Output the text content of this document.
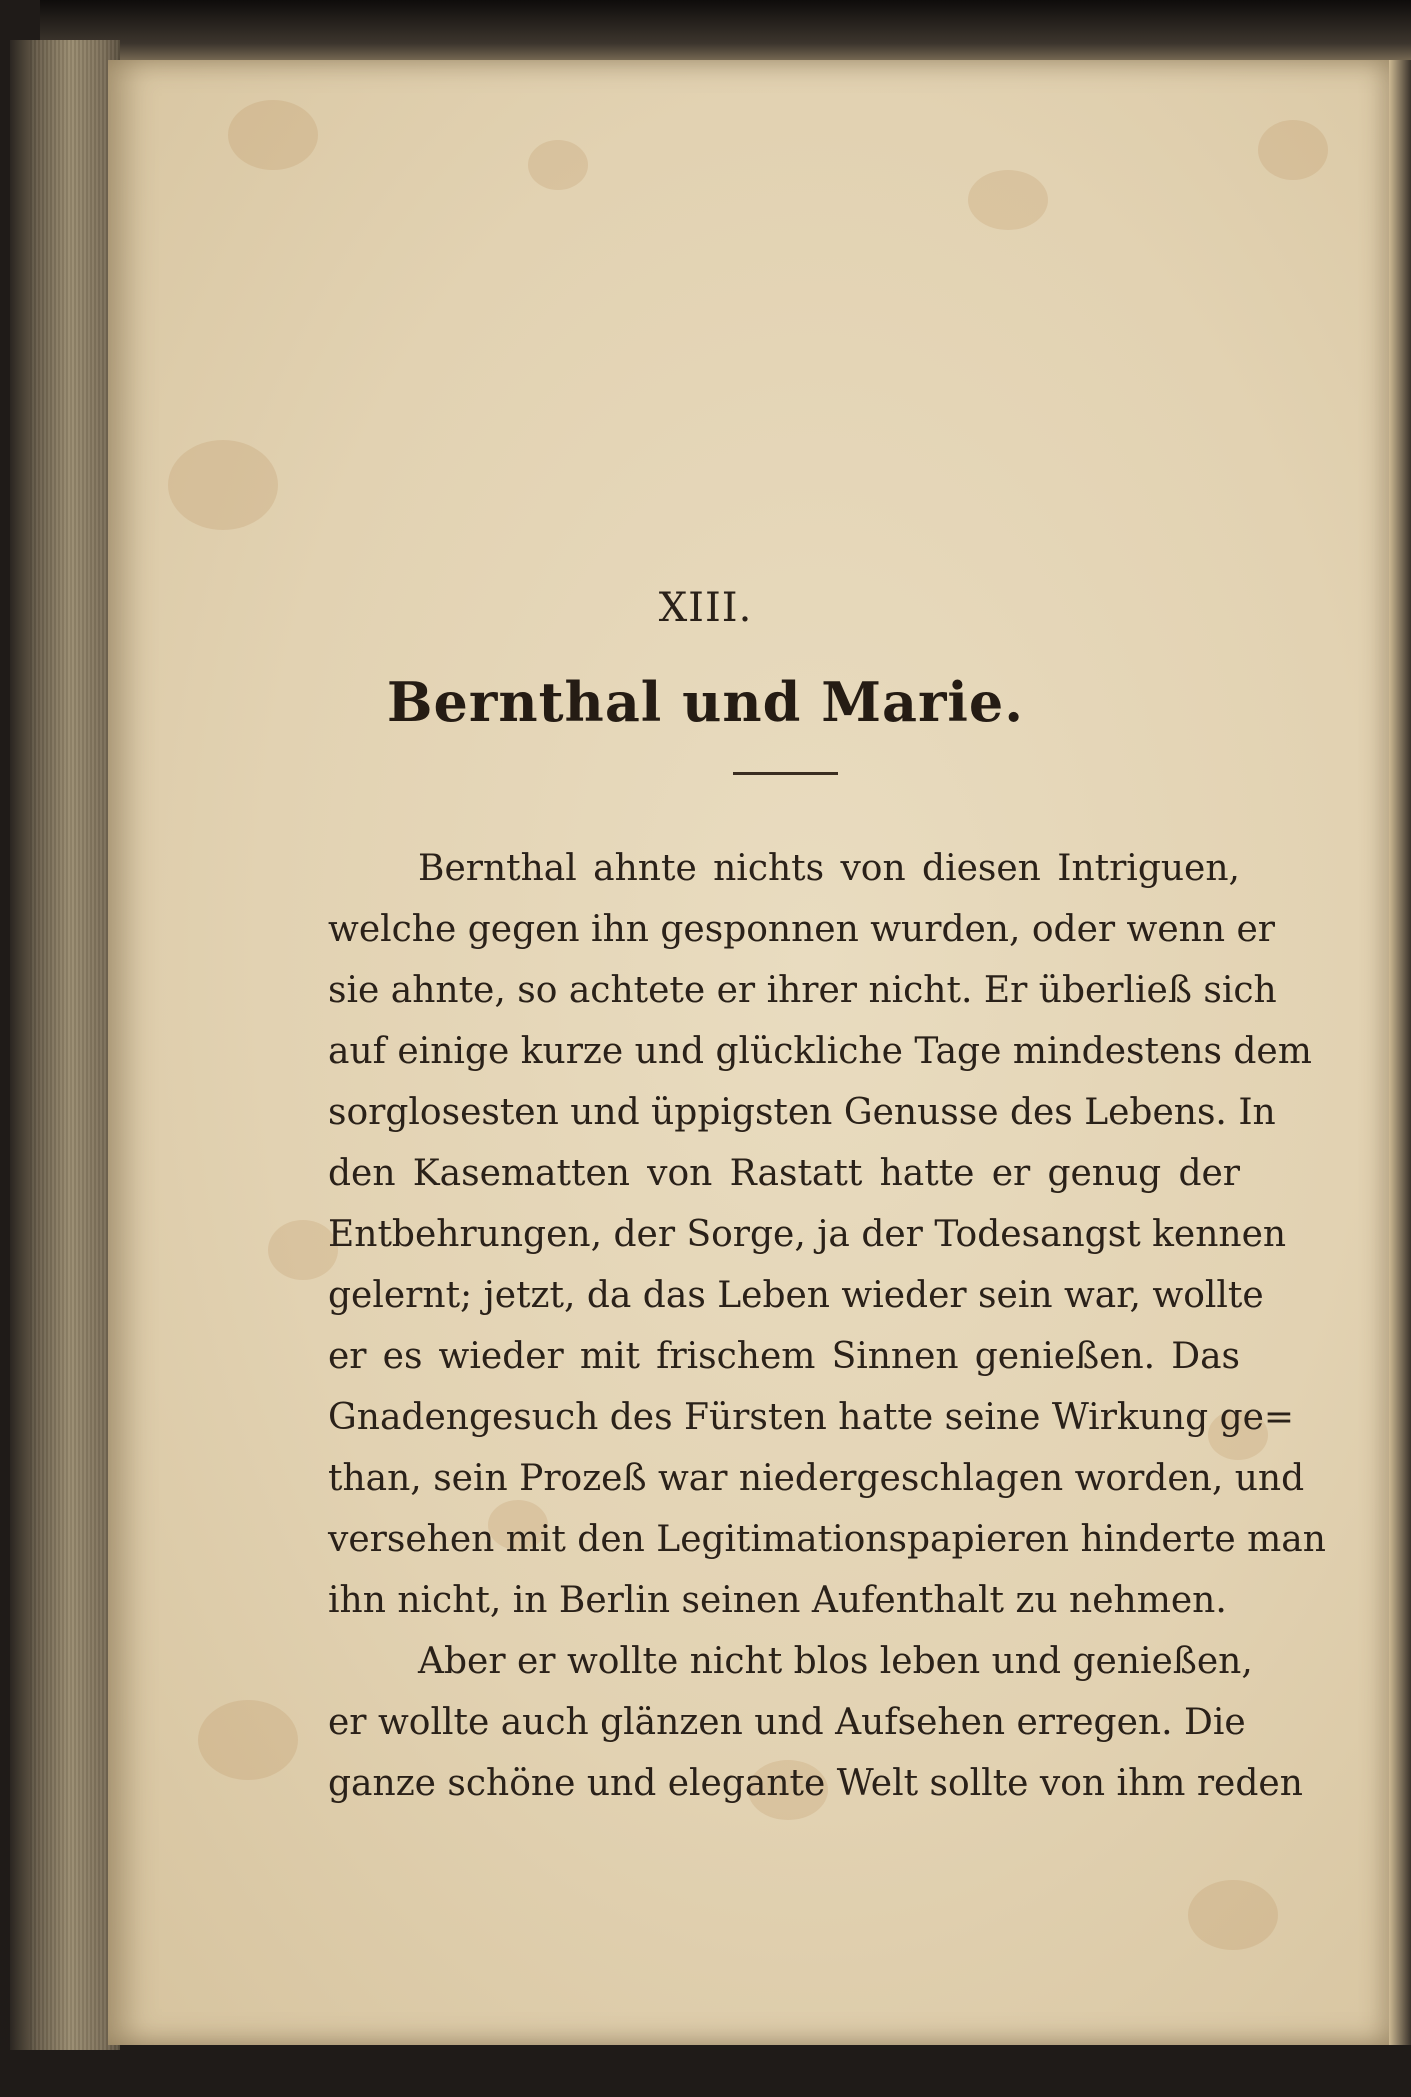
XIII.
Bernthal und Marie.
Bernthal ahnte nichts von diesen Intriguen,
welche gegen ihn gesponnen wurden, oder wenn er
sie ahnte, so achtete er ihrer nicht. Er überließ sich
auf einige kurze und glückliche Tage mindestens dem
sorglosesten und üppigsten Genusse des Lebens. In
den Kasematten von Rastatt hatte er genug der
Entbehrungen, der Sorge, ja der Todesangst kennen
gelernt; jetzt, da das Leben wieder sein war, wollte
er es wieder mit frischem Sinnen genießen. Das
Gnadengesuch des Fürsten hatte seine Wirkung ge=
than, sein Prozeß war niedergeschlagen worden, und
versehen mit den Legitimationspapieren hinderte man
ihn nicht, in Berlin seinen Aufenthalt zu nehmen.
Aber er wollte nicht blos leben und genießen,
er wollte auch glänzen und Aufsehen erregen. Die
ganze schöne und elegante Welt sollte von ihm reden
